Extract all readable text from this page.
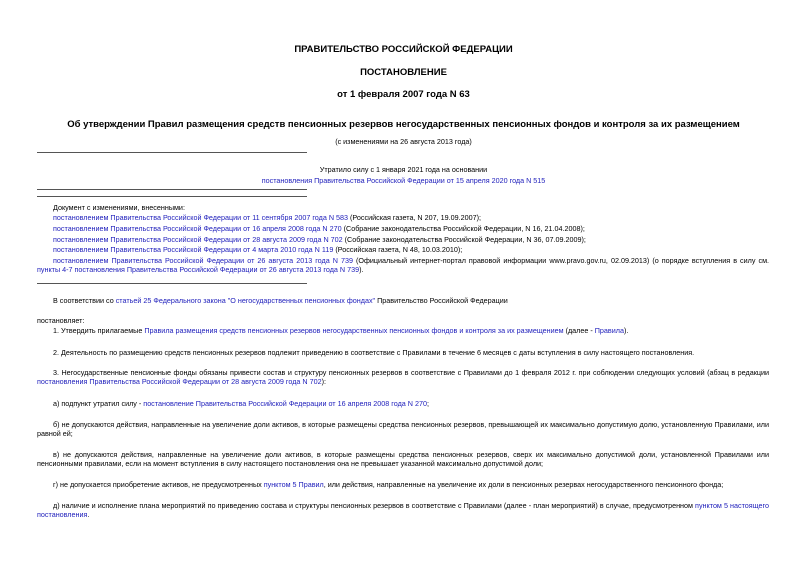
ПРАВИТЕЛЬСТВО РОССИЙСКОЙ ФЕДЕРАЦИИ
ПОСТАНОВЛЕНИЕ
от 1 февраля 2007 года N 63
Об утверждении Правил размещения средств пенсионных резервов негосударственных пенсионных фондов и контроля за их размещением
(с изменениями на 26 августа 2013 года)
Утратило силу с 1 января 2021 года на основании
постановления Правительства Российской Федерации от 15 апреля 2020 года N 515
Документ с изменениями, внесенными:
постановлением Правительства Российской Федерации от 11 сентября 2007 года N 583 (Российская газета, N 207, 19.09.2007);
постановлением Правительства Российской Федерации от 16 апреля 2008 года N 270 (Собрание законодательства Российской Федерации, N 16, 21.04.2008);
постановлением Правительства Российской Федерации от 28 августа 2009 года N 702 (Собрание законодательства Российской Федерации, N 36, 07.09.2009);
постановлением Правительства Российской Федерации от 4 марта 2010 года N 119 (Российская газета, N 48, 10.03.2010);
постановлением Правительства Российской Федерации от 26 августа 2013 года N 739 (Официальный интернет-портал правовой информации www.pravo.gov.ru, 02.09.2013) (о порядке вступления в силу см. пункты 4-7 постановления Правительства Российской Федерации от 26 августа 2013 года N 739).
В соответствии со статьей 25 Федерального закона "О негосударственных пенсионных фондах" Правительство Российской Федерации
постановляет:
1. Утвердить прилагаемые Правила размещения средств пенсионных резервов негосударственных пенсионных фондов и контроля за их размещением (далее - Правила).
2. Деятельность по размещению средств пенсионных резервов подлежит приведению в соответствие с Правилами в течение 6 месяцев с даты вступления в силу настоящего постановления.
3. Негосударственные пенсионные фонды обязаны привести состав и структуру пенсионных резервов в соответствие с Правилами до 1 февраля 2012 г. при соблюдении следующих условий (абзац в редакции постановления Правительства Российской Федерации от 28 августа 2009 года N 702):
а) подпункт утратил силу - постановление Правительства Российской Федерации от 16 апреля 2008 года N 270;
б) не допускаются действия, направленные на увеличение доли активов, в которые размещены средства пенсионных резервов, превышающей их максимально допустимую долю, установленную Правилами, или равной ей;
в) не допускаются действия, направленные на увеличение доли активов, в которые размещены средства пенсионных резервов, сверх их максимально допустимой доли, установленной Правилами или пенсионными правилами, если на момент вступления в силу настоящего постановления она не превышает указанной максимально допустимой доли;
г) не допускается приобретение активов, не предусмотренных пунктом 5 Правил, или действия, направленные на увеличение их доли в пенсионных резервах негосударственного пенсионного фонда;
д) наличие и исполнение плана мероприятий по приведению состава и структуры пенсионных резервов в соответствие с Правилами (далее - план мероприятий) в случае, предусмотренном пунктом 5 настоящего постановления.
